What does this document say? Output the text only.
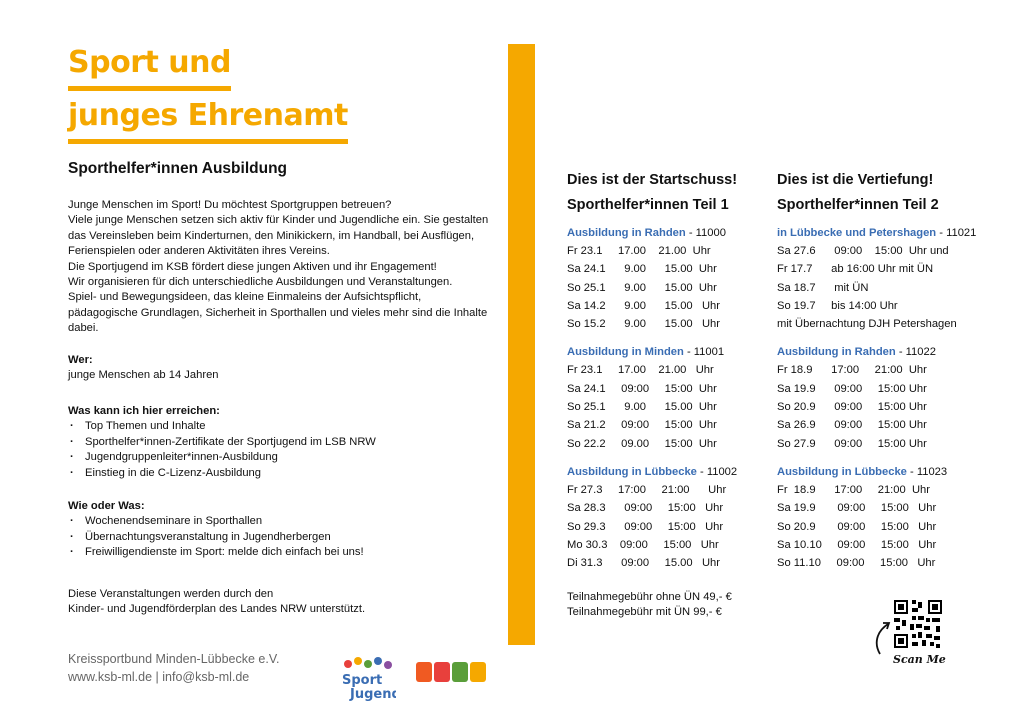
Sport und
junges Ehrenamt
Sporthelfer*innen Ausbildung

Junge Menschen im Sport! Du möchtest Sportgruppen betreuen?

Viele junge Menschen setzen sich aktiv für Kinder und Jugendliche ein. Sie gestalten

das Vereinsleben beim Kinderturnen, den Minikickern, im Handball, bei Ausflügen,

Ferienspielen oder anderen Aktivitäten ihres Vereins.

Die Sportjugend im KSB fördert diese jungen Aktiven und ihr Engagement!

Wir organisieren für dich unterschiedliche Ausbildungen und Veranstaltungen.

Spiel- und Bewegungsideen, das kleine Einmaleins der Aufsichtspflicht,

pädagogische Grundlagen, Sicherheit in Sporthallen und vieles mehr sind die Inhalte

dabei.

Wer:

junge Menschen ab 14 Jahren

Was kann ich hier erreichen:

· Top Themen und Inhalte
· Sporthelfer*innen-Zertifikate der Sportjugend im LSB NRW
· Jugendgruppenleiter*innen-Ausbildung
· Einstieg in die C-Lizenz-Ausbildung

Wie oder Was:

· Wochenendseminare in Sporthallen
· Übernachtungsveranstaltung in Jugendherbergen
· Freiwilligendienste im Sport: melde dich einfach bei uns!

Diese Veranstaltungen werden durch den

Kinder- und Jugendförderplan des Landes NRW unterstützt.

Kreissportbund Minden-Lübbecke e.V.
www.ksb-ml.de | info@ksb-ml.de	Sport
Jugend
Dies ist der Startschuss!
Sporthelfer*innen Teil 1
Ausbildung in Rahden - 11000
Fr 23.1     17.00    21.00  Uhr
Sa 24.1      9.00      15.00  Uhr
So 25.1      9.00      15.00  Uhr
Sa 14.2      9.00      15.00   Uhr
So 15.2      9.00      15.00   Uhr
Ausbildung in Minden - 11001
Fr 23.1     17.00    21.00   Uhr
Sa 24.1     09:00     15:00  Uhr
So 25.1      9.00      15.00  Uhr
Sa 21.2     09:00     15:00  Uhr
So 22.2     09.00     15:00  Uhr
Ausbildung in Lübbecke - 11002
Fr 27.3     17:00     21:00      Uhr
Sa 28.3      09:00     15:00   Uhr
So 29.3      09:00     15:00   Uhr
Mo 30.3    09:00     15:00   Uhr
Di 31.3      09:00     15.00   Uhr
Dies ist die Vertiefung!
Sporthelfer*innen Teil 2
in Lübbecke und Petershagen - 11021
Sa 27.6      09:00    15:00  Uhr und
Fr 17.7      ab 16:00 Uhr mit ÜN
Sa 18.7      mit ÜN
So 19.7     bis 14:00 Uhr
mit Übernachtung DJH Petershagen
Ausbildung in Rahden - 11022
Fr 18.9      17:00     21:00  Uhr
Sa 19.9      09:00     15:00 Uhr
So 20.9      09:00     15:00 Uhr
Sa 26.9      09:00     15:00 Uhr
So 27.9      09:00     15:00 Uhr
Ausbildung in Lübbecke - 11023
Fr  18.9      17:00     21:00  Uhr
Sa 19.9       09:00     15:00   Uhr
So 20.9       09:00     15:00   Uhr
Sa 10.10     09:00     15:00   Uhr
So 11.10     09:00     15:00   Uhr
Teilnahmegebühr ohne ÜN 49,- €
Teilnahmegebühr mit ÜN 99,- €
Scan Me
